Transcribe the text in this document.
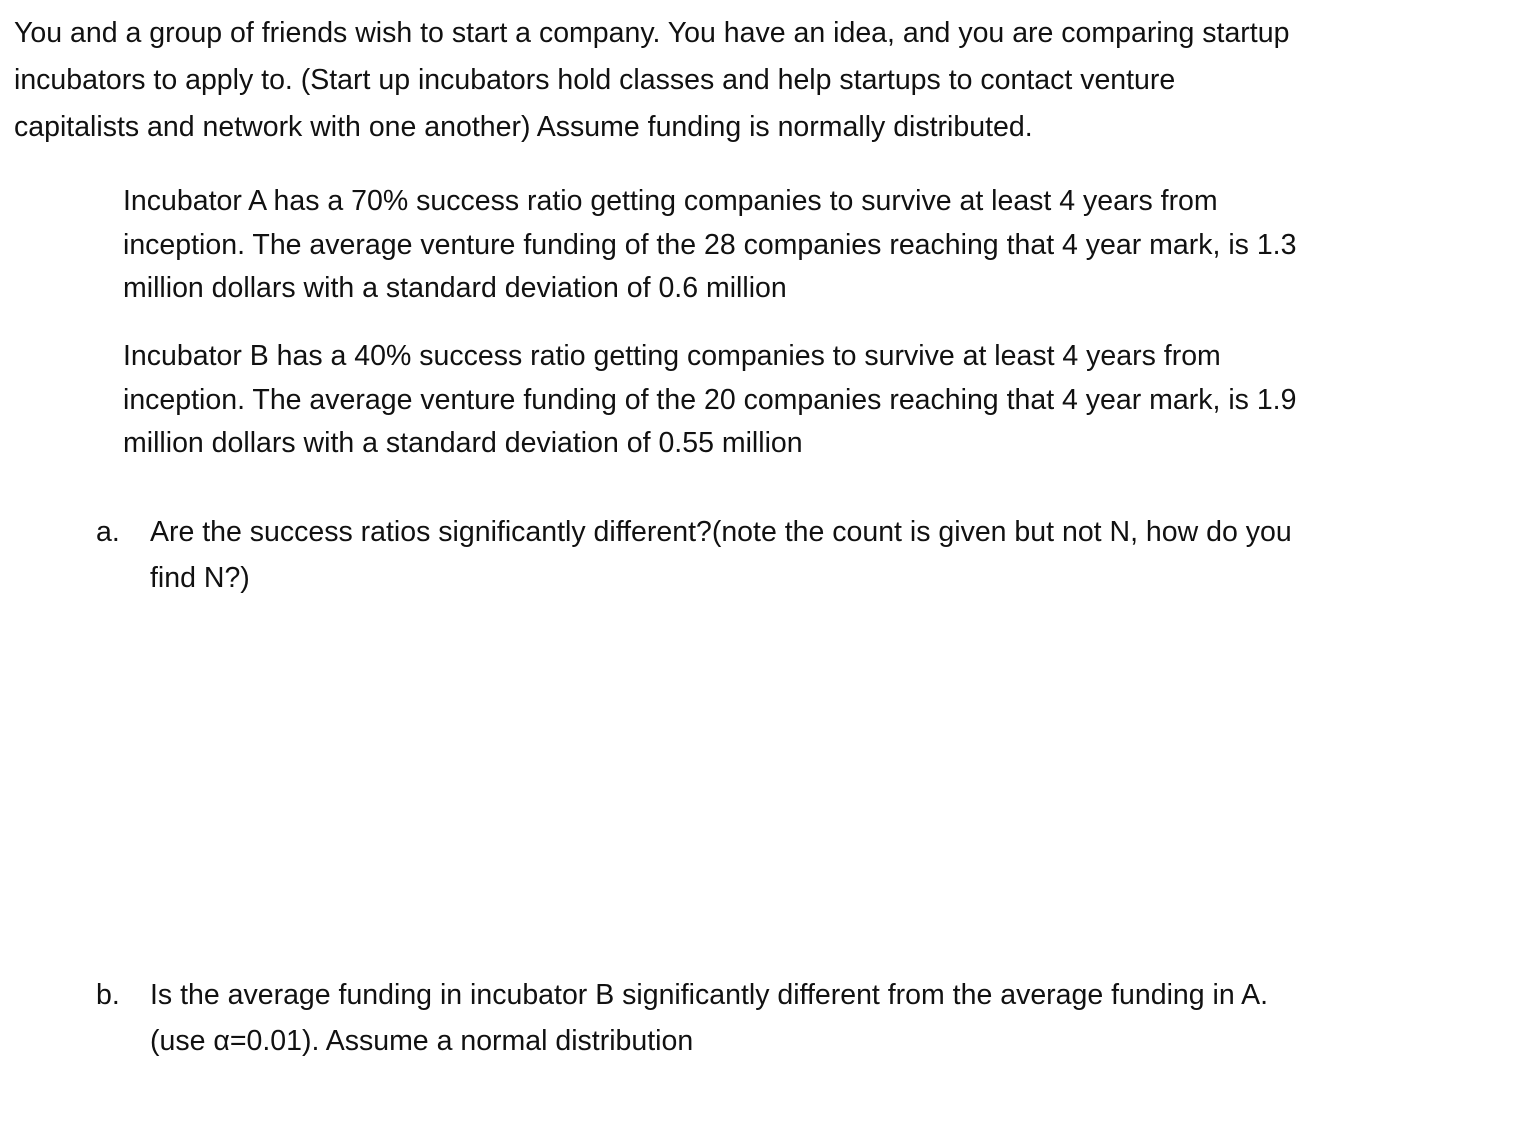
You and a group of friends wish to start a company. You have an idea, and you are comparing startup incubators to apply to. (Start up incubators hold classes and help startups to contact venture capitalists and network with one another) Assume funding is normally distributed.

Incubator A has a 70% success ratio getting companies to survive at least 4 years from inception. The average venture funding of the 28 companies reaching that 4 year mark, is 1.3 million dollars with a standard deviation of 0.6 million

Incubator B has a 40% success ratio getting companies to survive at least 4 years from inception. The average venture funding of the 20 companies reaching that 4 year mark, is 1.9 million dollars with a standard deviation of 0.55 million

a.	Are the success ratios significantly different?(note the count is given but not N, how do you find N?)
b.	Is the average funding in incubator B significantly different from the average funding in A. (use α=0.01). Assume a normal distribution
